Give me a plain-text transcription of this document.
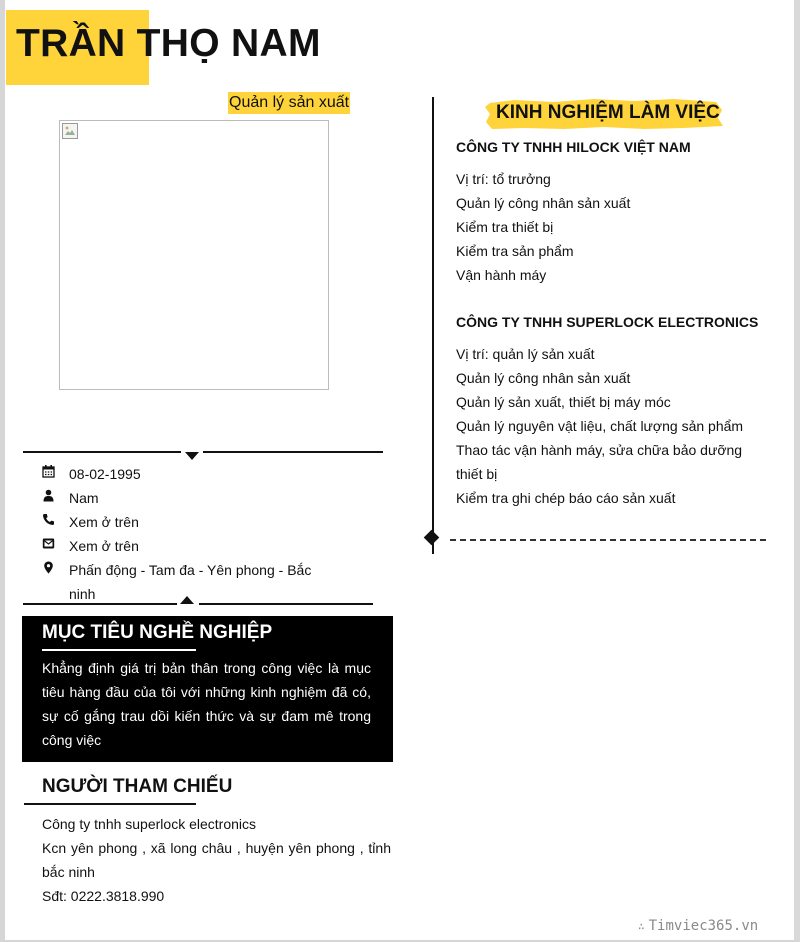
TRẦN THỌ NAM
Quản lý sản xuất
08-02-1995
Nam
Xem ở trên
Xem ở trên
Phấn động - Tam đa - Yên phong - Bắc ninh
MỤC TIÊU NGHỀ NGHIỆP
Khẳng định giá trị bản thân trong công việc là mục tiêu hàng đầu của tôi với những kinh nghiệm đã có, sự cố gắng trau dồi kiến thức và sự đam mê trong công việc
NGƯỜI THAM CHIẾU
Công ty tnhh superlock electronics
Kcn yên phong , xã long châu , huyện yên phong , tỉnh bắc ninh
Sđt: 0222.3818.990
KINH NGHIỆM LÀM VIỆC
CÔNG TY TNHH HILOCK VIỆT NAM
Vị trí: tổ trưởng
Quản lý công nhân sản xuất
Kiểm tra thiết bị
Kiểm tra sản phẩm
Vận hành máy
CÔNG TY TNHH SUPERLOCK ELECTRONICS
Vị trí: quản lý sản xuất
Quản lý công nhân sản xuất
Quản lý sản xuất, thiết bị máy móc
Quản lý nguyên vật liệu, chất lượng sản phẩm
Thao tác vận hành máy, sửa chữa bảo dưỡng thiết bị
Kiểm tra ghi chép báo cáo sản xuất
∴ Timviec365.vn
